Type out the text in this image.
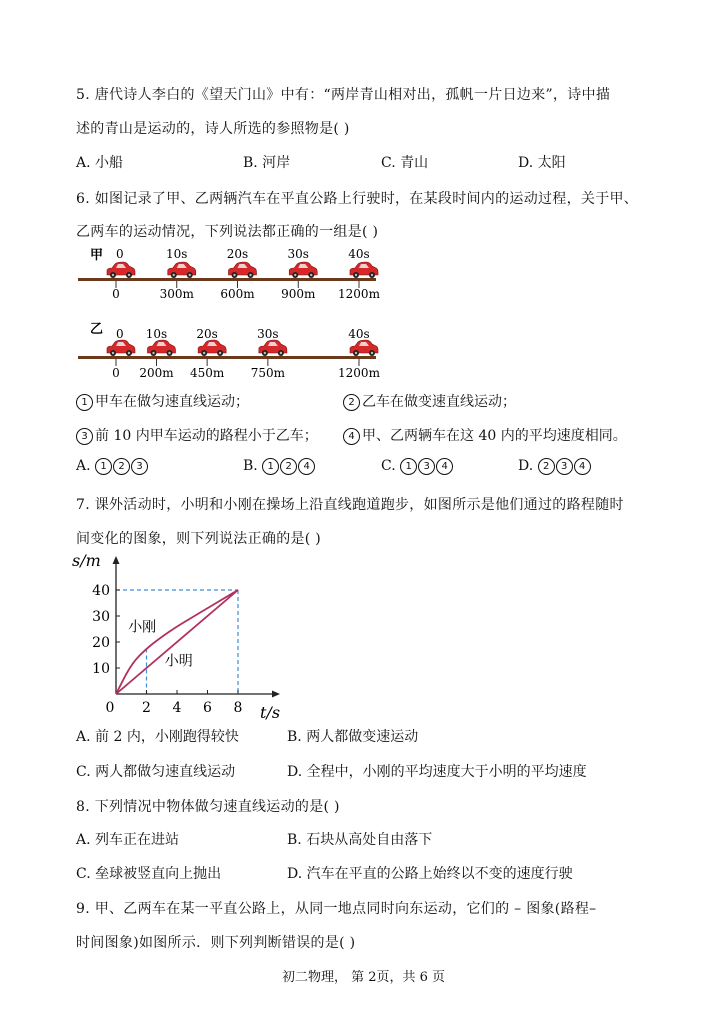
5. 唐代诗人李白的《望天门山》中有：“两岸青山相对出，孤帆一片日边来”，诗中描
述的青山是运动的，诗人所选的参照物是( )
A. 小船	B. 河岸	C. 青山	D. 太阳
6. 如图记录了甲、乙两辆汽车在平直公路上行驶时，在某段时间内的运动过程，关于甲、
乙两车的运动情况，下列说法都正确的一组是( )
甲 0
0
10s
300m
20s
600m
30s
900m
40s
1200m
乙 0
0
10s
200m
20s
450m
30s
750m
40s
1200m
1 甲车在做匀速直线运动；	2 乙车在做变速直线运动；
3 前 10 内甲车运动的路程小于乙车；	4 甲、乙两辆车在这 40 内的平均速度相同。
A. 1 2 3	B. 1 2 4	C. 1 3 4	D. 2 3 4
7. 课外活动时，小明和小刚在操场上沿直线跑道跑步，如图所示是他们通过的路程随时
间变化的图象，则下列说法正确的是( )
s/m
t/s
小刚
小明
0 2 4 6 8
10
20
30
40
A. 前 2 内，小刚跑得较快	B. 两人都做变速运动
C. 两人都做匀速直线运动	D. 全程中，小刚的平均速度大于小明的平均速度
8. 下列情况中物体做匀速直线运动的是( )
A. 列车正在进站	B. 石块从高处自由落下
C. 垒球被竖直向上抛出	D. 汽车在平直的公路上始终以不变的速度行驶
9. 甲、乙两车在某一平直公路上，从同一地点同时向东运动，它们的 – 图象(路程–
时间图象)如图所示．则下列判断错误的是( )
初二物理， 第 2页，共 6 页
